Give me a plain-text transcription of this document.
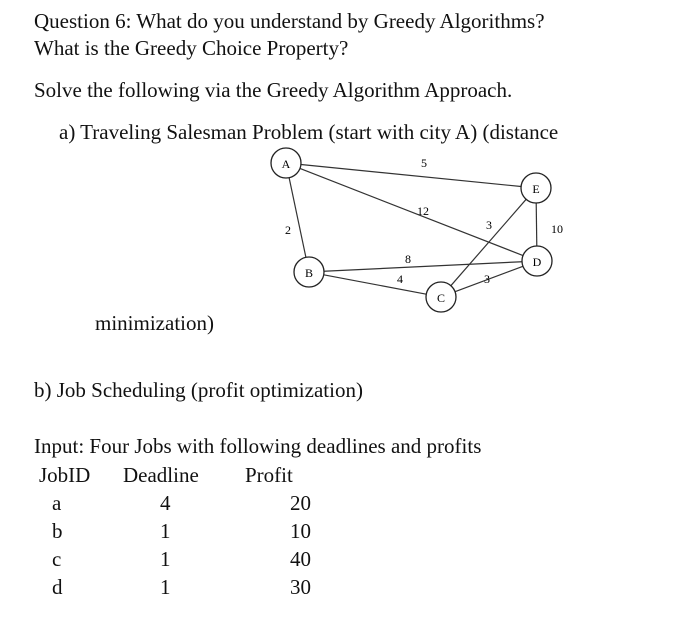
Question 6: What do you understand by Greedy Algorithms?
What is the Greedy Choice Property?
Solve the following via the Greedy Algorithm Approach.
a) Traveling Salesman Problem (start with city A) (distance
5
2
12
8
4
3
3
10
A
B
C
D
E
minimization)
b) Job Scheduling (profit optimization)
Input: Four Jobs with following deadlines and profits
JobID Deadline Profit
a	4	20
b	1	10
c	1	40
d	1	30
